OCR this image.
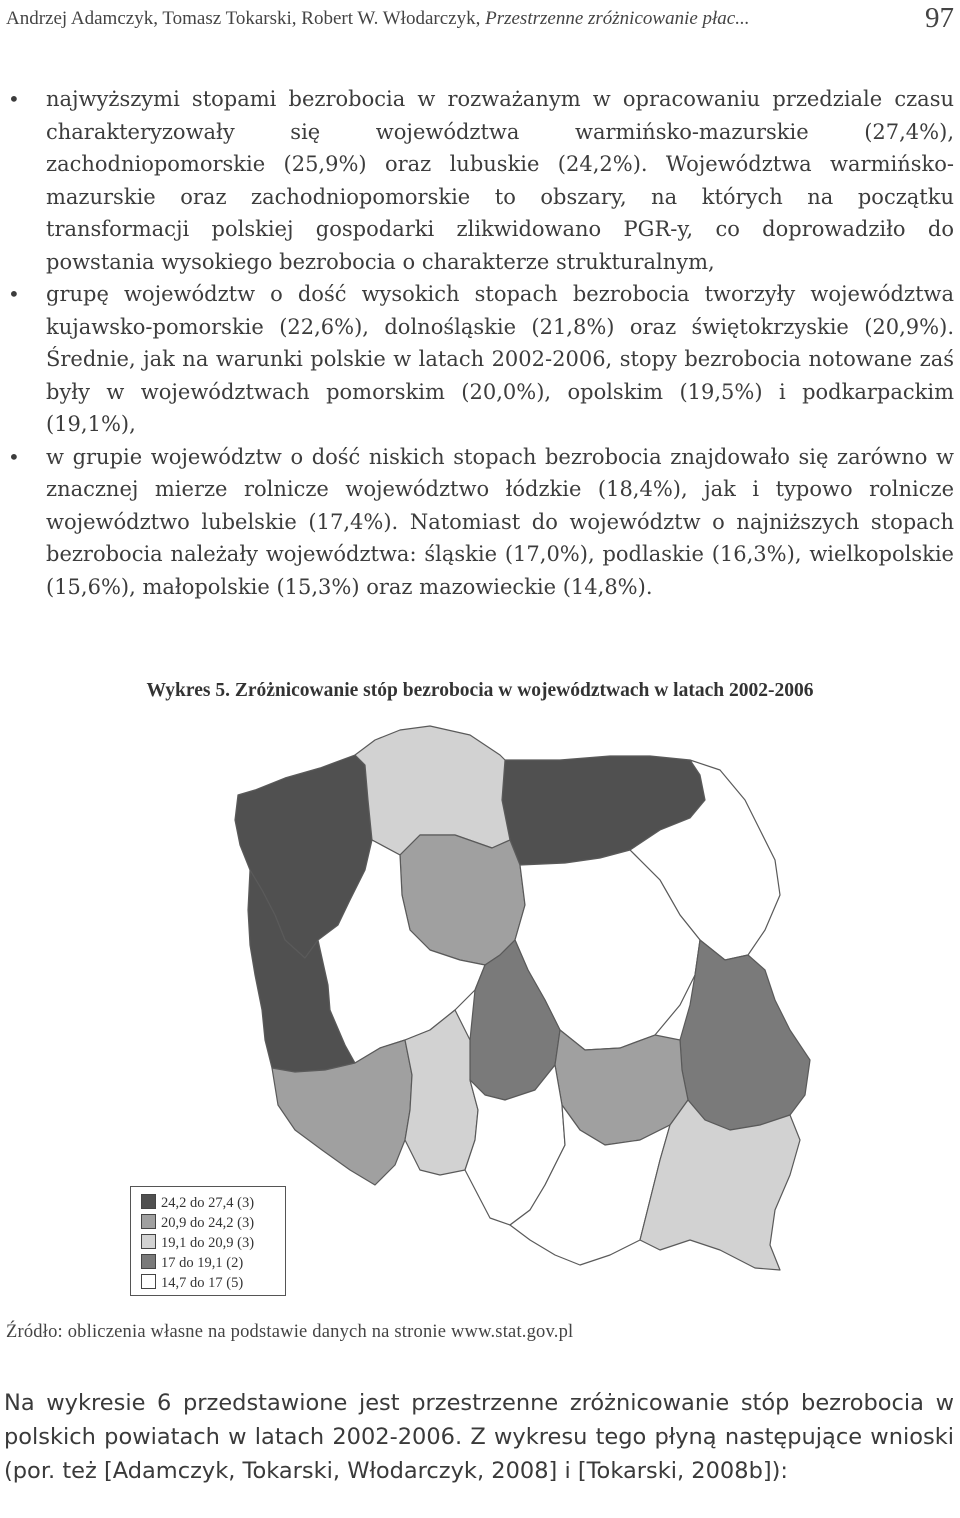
Andrzej Adamczyk, Tomasz Tokarski, Robert W. Włodarczyk, Przestrzenne zróżnicowanie płac...	97
• najwyższymi stopami bezrobocia w rozważanym w opracowaniu przedziale czasu charakteryzowały się województwa warmińsko-mazurskie (27,4%), zachodniopomorskie (25,9%) oraz lubuskie (24,2%). Województwa warmińsko-mazurskie oraz zachodniopomorskie to obszary, na których na początku transformacji polskiej gospodarki zlikwidowano PGR-y, co doprowadziło do powstania wysokiego bezrobocia o charakterze strukturalnym,
• grupę województw o dość wysokich stopach bezrobocia tworzyły województwa kujawsko-pomorskie (22,6%), dolnośląskie (21,8%) oraz świętokrzyskie (20,9%). Średnie, jak na warunki polskie w latach 2002-2006, stopy bezrobocia notowane zaś były w województwach pomorskim (20,0%), opolskim (19,5%) i podkarpackim (19,1%),
• w grupie województw o dość niskich stopach bezrobocia znajdowało się zarówno w znacznej mierze rolnicze województwo łódzkie (18,4%), jak i typowo rolnicze województwo lubelskie (17,4%). Natomiast do województw o najniższych stopach bezrobocia należały województwa: śląskie (17,0%), podlaskie (16,3%), wielkopolskie (15,6%), małopolskie (15,3%) oraz mazowieckie (14,8%).
Wykres 5. Zróżnicowanie stóp bezrobocia w województwach w latach 2002-2006
24,2 do 27,4 (3)
20,9 do 24,2 (3)
19,1 do 20,9 (3)
17 do 19,1 (2)
14,7 do 17 (5)
Źródło: obliczenia własne na podstawie danych na stronie www.stat.gov.pl

Na wykresie 6 przedstawione jest przestrzenne zróżnicowanie stóp bezrobocia w polskich powiatach w latach 2002-2006. Z wykresu tego płyną następujące wnioski (por. też [Adamczyk, Tokarski, Włodarczyk, 2008] i [Tokarski, 2008b]):
